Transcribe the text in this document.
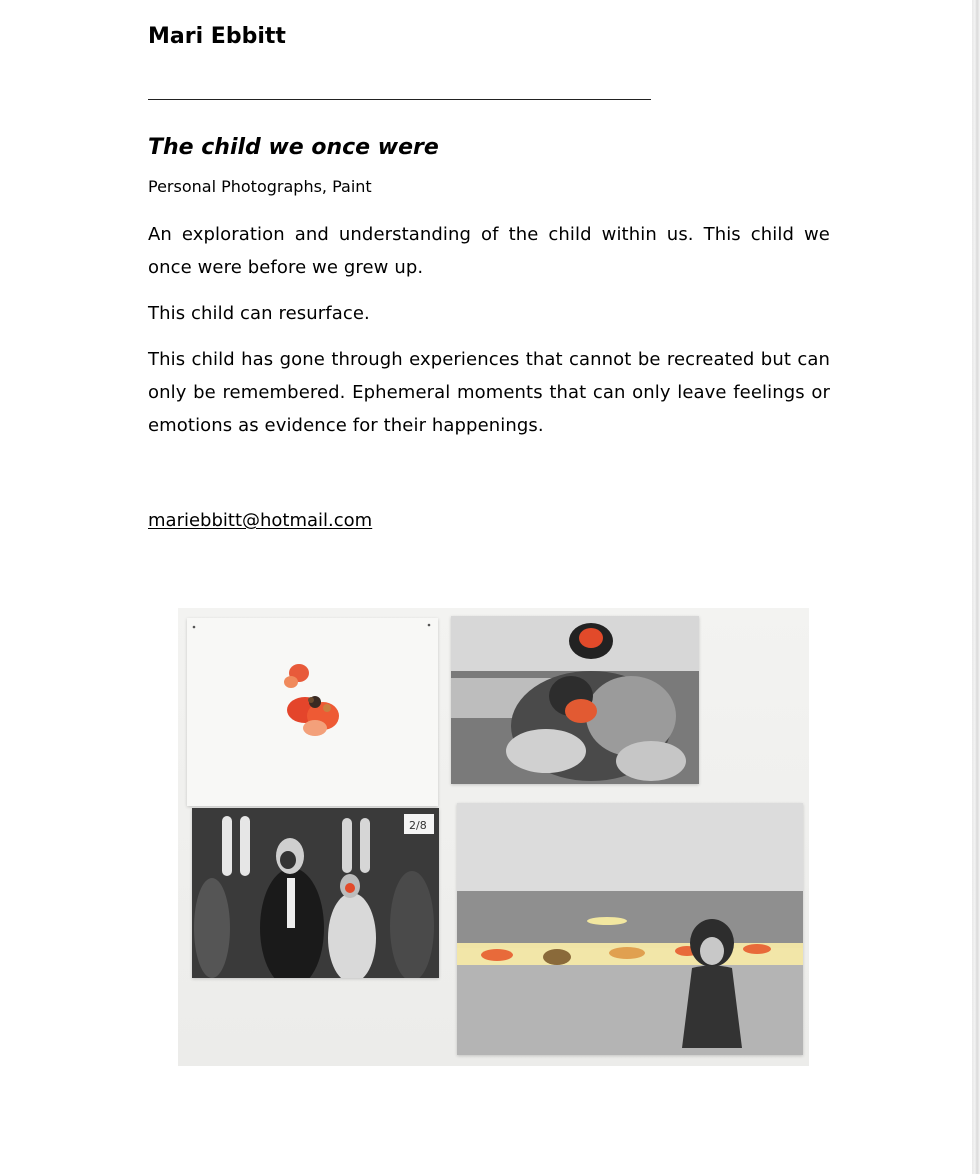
Mari Ebbitt
The child we once were
Personal Photographs, Paint

An exploration and understanding of the child within us. This child we once were before we grew up.

This child can resurface.

This child has gone through experiences that cannot be recreated but can only be remembered. Ephemeral moments that can only leave feelings or emotions as evidence for their happenings.

mariebbitt@hotmail.com
2/8
